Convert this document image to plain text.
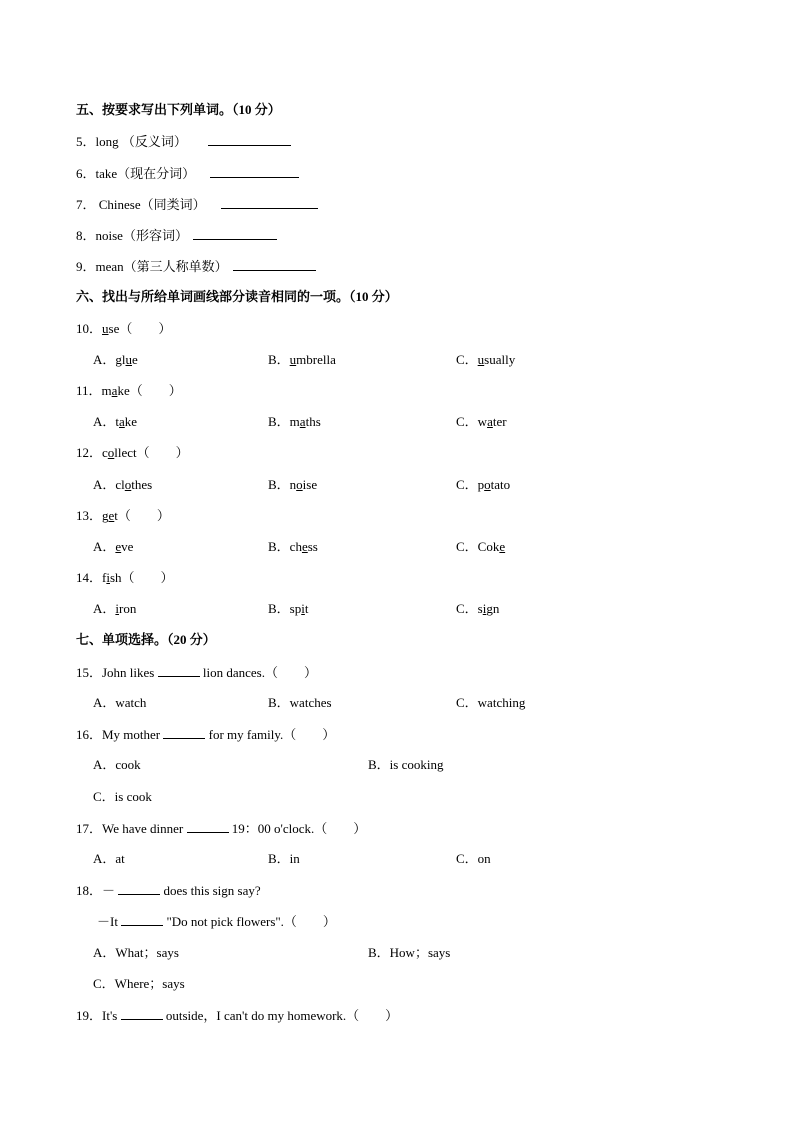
五、按要求写出下列单词。（10 分）
5．long （反义词）
6．take（现在分词）
7． Chinese（同类词）
8．noise（形容词）
9．mean（第三人称单数）
六、找出与所给单词画线部分读音相同的一项。（10 分）
10．use（　　）
A．glue	B．umbrella	C．usually
11．make（　　）
A．take	B．maths	C．water
12．collect（　　）
A．clothes	B．noise	C．potato
13．get（　　）
A．eve	B．chess	C．Coke
14．fish（　　）
A．iron	B．spit	C．sign
七、单项选择。（20 分）
15．John likes	lion dances.（　　）
A．watch	B．watches	C．watching
16．My mother	for my family.（　　）
A．cook	B．is cooking
C．is cook
17．We have dinner	19：00 o'clock.（　　）
A．at	B．in	C．on
18．－	does this sign say?
－It	"Do not pick flowers".（　　）
A．What；says	B．How；says
C．Where；says
19．It's	outside，I can't do my homework.（　　）
